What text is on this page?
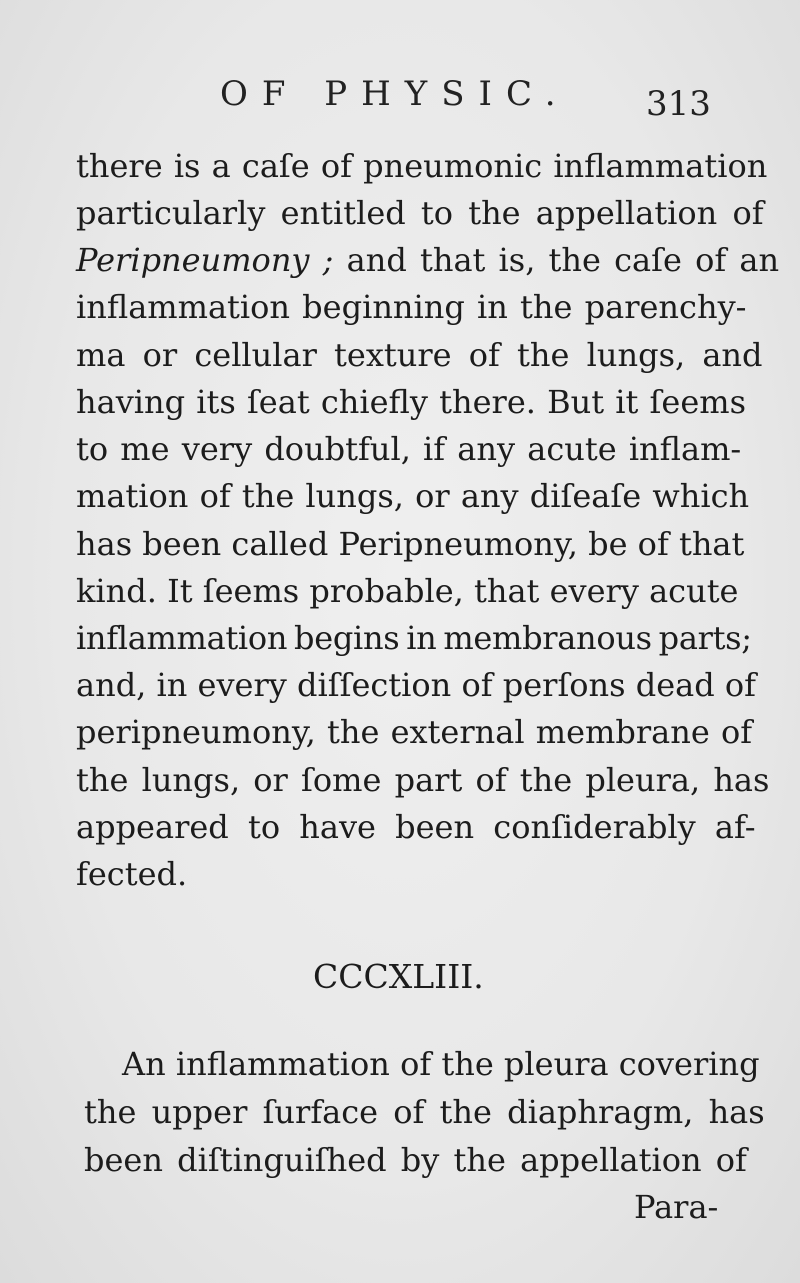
OF PHYSIC. 313
there is a caſe of pneumonic inflammation
particularly entitled to the appellation of
Peripneumony ; and that is, the caſe of an
inflammation beginning in the parenchy-
ma or cellular texture of the lungs, and
having its ſeat chiefly there. But it ſeems
to me very doubtful, if any acute inflam-
mation of the lungs, or any diſeaſe which
has been called Peripneumony, be of that
kind. It ſeems probable, that every acute
inflammation begins in membranous parts;
and, in every diſſection of perſons dead of
peripneumony, the external membrane of
the lungs, or ſome part of the pleura, has
appeared to have been conſiderably af-
fected.
CCCXLIII.
An inflammation of the pleura covering
the upper ſurface of the diaphragm, has
been diſtinguiſhed by the appellation of
Para-
